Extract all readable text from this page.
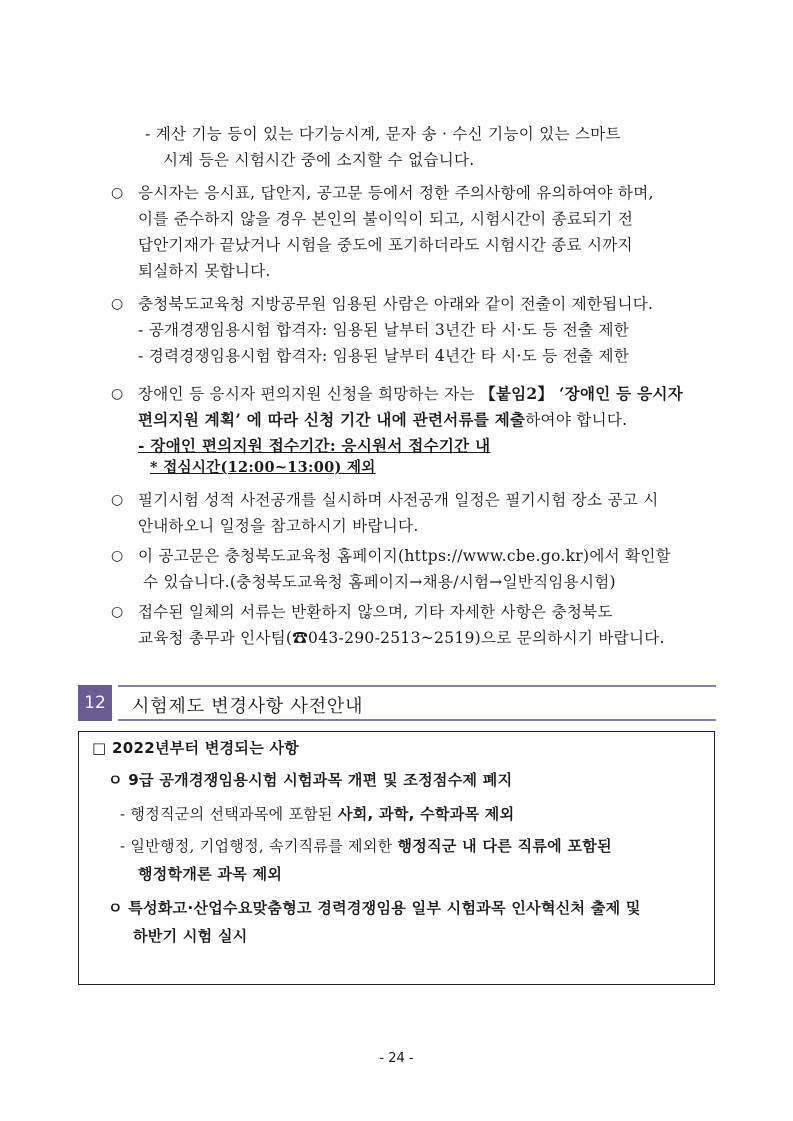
- 계산 기능 등이 있는 다기능시계, 문자 송 · 수신 기능이 있는 스마트
시계 등은 시험시간 중에 소지할 수 없습니다.
○ 응시자는 응시표, 답안지, 공고문 등에서 정한 주의사항에 유의하여야 하며,
이를 준수하지 않을 경우 본인의 불이익이 되고, 시험시간이 종료되기 전
답안기재가 끝났거나 시험을 중도에 포기하더라도 시험시간 종료 시까지
퇴실하지 못합니다.
○ 충청북도교육청 지방공무원 임용된 사람은 아래와 같이 전출이 제한됩니다.
- 공개경쟁임용시험 합격자: 임용된 날부터 3년간 타 시·도 등 전출 제한
- 경력경쟁임용시험 합격자: 임용된 날부터 4년간 타 시·도 등 전출 제한
○ 장애인 등 응시자 편의지원 신청을 희망하는 자는 【붙임2】 ‘장애인 등 응시자
편의지원 계획’ 에 따라 신청 기간 내에 관련서류를 제출하여야 합니다.
- 장애인 편의지원 접수기간: 응시원서 접수기간 내
* 접심시간(12:00~13:00) 제외
○ 필기시험 성적 사전공개를 실시하며 사전공개 일정은 필기시험 장소 공고 시
안내하오니 일정을 참고하시기 바랍니다.
○ 이 공고문은 충청북도교육청 홈페이지(https://www.cbe.go.kr)에서 확인할
수 있습니다.(충청북도교육청 홈페이지→채용/시험→일반직임용시험)
○ 접수된 일체의 서류는 반환하지 않으며, 기타 자세한 사항은 충청북도
교육청 총무과 인사팀(☎043-290-2513~2519)으로 문의하시기 바랍니다.
12	시험제도 변경사항 사전안내
□ 2022년부터 변경되는 사항
ㅇ 9급 공개경쟁임용시험 시험과목 개편 및 조정점수제 폐지
- 행정직군의 선택과목에 포함된 사회, 과학, 수학과목 제외
- 일반행정, 기업행정, 속기직류를 제외한 행정직군 내 다른 직류에 포함된
행정학개론 과목 제외
ㅇ 특성화고·산업수요맞춤형고 경력경쟁임용 일부 시험과목 인사혁신처 출제 및
하반기 시험 실시
- 24 -
